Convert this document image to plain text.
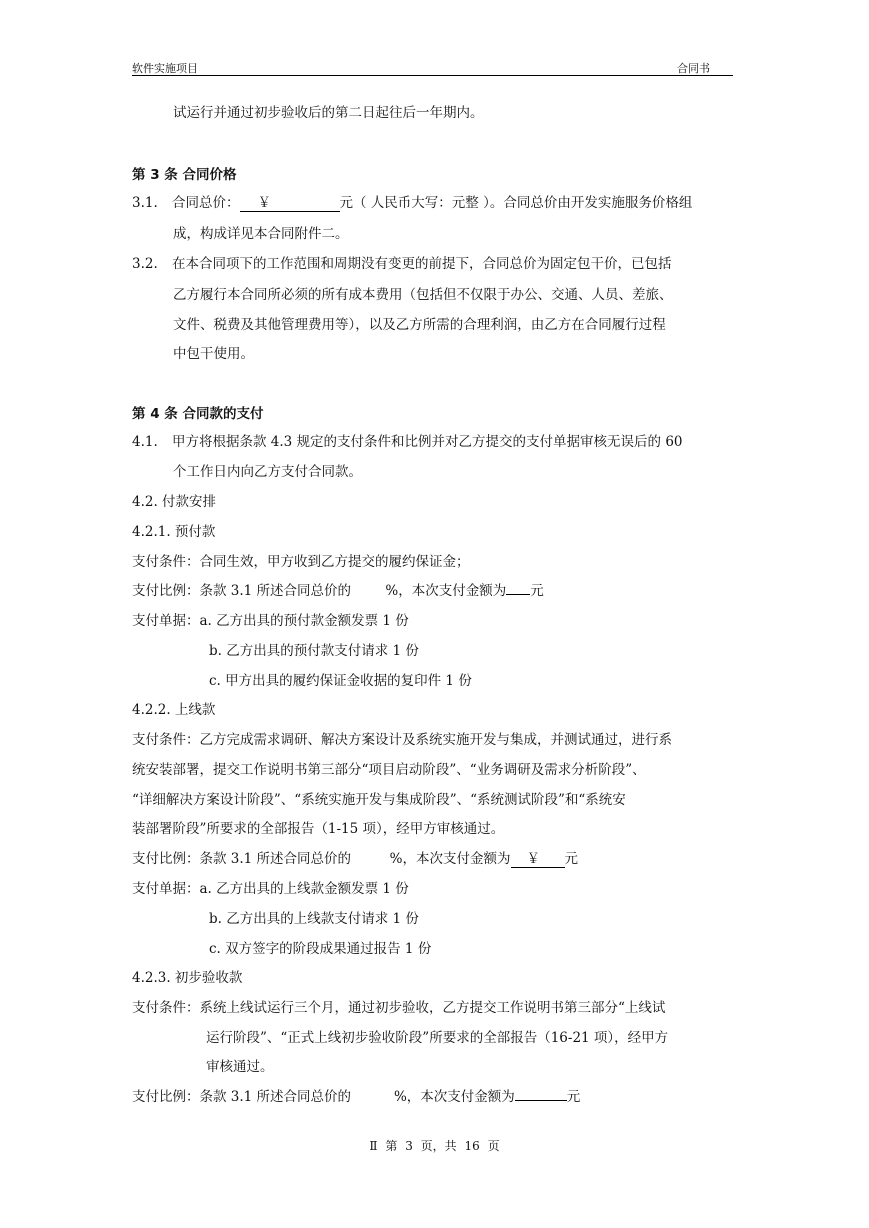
软件实施项目	合同书
试运行并通过初步验收后的第二日起往后一年期内。
第 3 条 合同价格
3.1. 合同总价： ￥	元（ 人民币大写：元整 ）。合同总价由开发实施服务价格组
成，构成详见本合同附件二。
3.2. 在本合同项下的工作范围和周期没有变更的前提下，合同总价为固定包干价，已包括
乙方履行本合同所必须的所有成本费用（包括但不仅限于办公、交通、人员、差旅、
文件、税费及其他管理费用等），以及乙方所需的合理利润，由乙方在合同履行过程
中包干使用。
第 4 条 合同款的支付
4.1. 甲方将根据条款 4.3 规定的支付条件和比例并对乙方提交的支付单据审核无误后的 60
个工作日内向乙方支付合同款。
4.2. 付款安排
4.2.1. 预付款
支付条件：合同生效，甲方收到乙方提交的履约保证金；
支付比例：条款 3.1 所述合同总价的        %，本次支付金额为 元
支付单据：a. 乙方出具的预付款金额发票 1 份
b. 乙方出具的预付款支付请求 1 份
c. 甲方出具的履约保证金收据的复印件 1 份
4.2.2. 上线款
支付条件：乙方完成需求调研、解决方案设计及系统实施开发与集成，并测试通过，进行系
统安装部署，提交工作说明书第三部分“项目启动阶段”、“业务调研及需求分析阶段”、
“详细解决方案设计阶段”、“系统实施开发与集成阶段”、“系统测试阶段”和“系统安
装部署阶段”所要求的全部报告（1-15 项），经甲方审核通过。
支付比例：条款 3.1 所述合同总价的         %，本次支付金额为 ￥ 元
支付单据：a. 乙方出具的上线款金额发票 1 份
b. 乙方出具的上线款支付请求 1 份
c. 双方签字的阶段成果通过报告 1 份
4.2.3. 初步验收款
支付条件：系统上线试运行三个月，通过初步验收，乙方提交工作说明书第三部分“上线试
运行阶段”、“正式上线初步验收阶段”所要求的全部报告（16-21 项），经甲方
审核通过。
支付比例：条款 3.1 所述合同总价的          %，本次支付金额为	元
Ⅱ 第 3 页，共 16 页
